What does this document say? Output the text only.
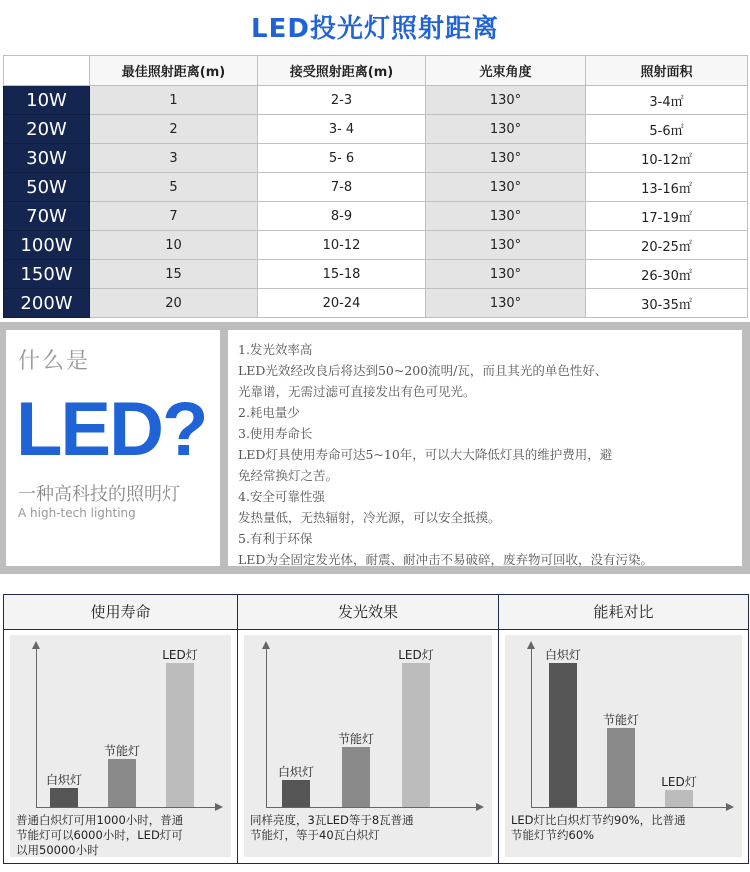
LED投光灯照射距离
	最佳照射距离(m)	接受照射距离(m)	光束角度	照射面积
10W	1	2-3	130°	3-4㎡
20W	2	3- 4	130°	5-6㎡
30W	3	5- 6	130°	10-12㎡
50W	5	7-8	130°	13-16㎡
70W	7	8-9	130°	17-19㎡
100W	10	10-12	130°	20-25㎡
150W	15	15-18	130°	26-30㎡
200W	20	20-24	130°	30-35㎡
什么是
LED?
一种高科技的照明灯
A high-tech lighting
1.发光效率高
LED光效经改良后将达到50~200流明/瓦，而且其光的单色性好、
光靠谱，无需过滤可直接发出有色可见光。
2.耗电量少
3.使用寿命长
LED灯具使用寿命可达5~10年，可以大大降低灯具的维护费用，避
免经常换灯之苦。
4.安全可靠性强
发热量低，无热辐射，冷光源，可以安全抵摸。
5.有利于环保
LED为全固定发光体，耐震、耐冲击不易破碎，废弃物可回收，没有污染。
使用寿命
白炽灯
节能灯
LED灯
普通白炽灯可用1000小时，普通
节能灯可以6000小时，LED灯可
以用50000小时
发光效果
白炽灯
节能灯
LED灯
同样亮度，3瓦LED等于8瓦普通
节能灯，等于40瓦白炽灯
能耗对比
白炽灯
节能灯
LED灯
LED灯比白炽灯节约90%，比普通
节能灯节约60%
